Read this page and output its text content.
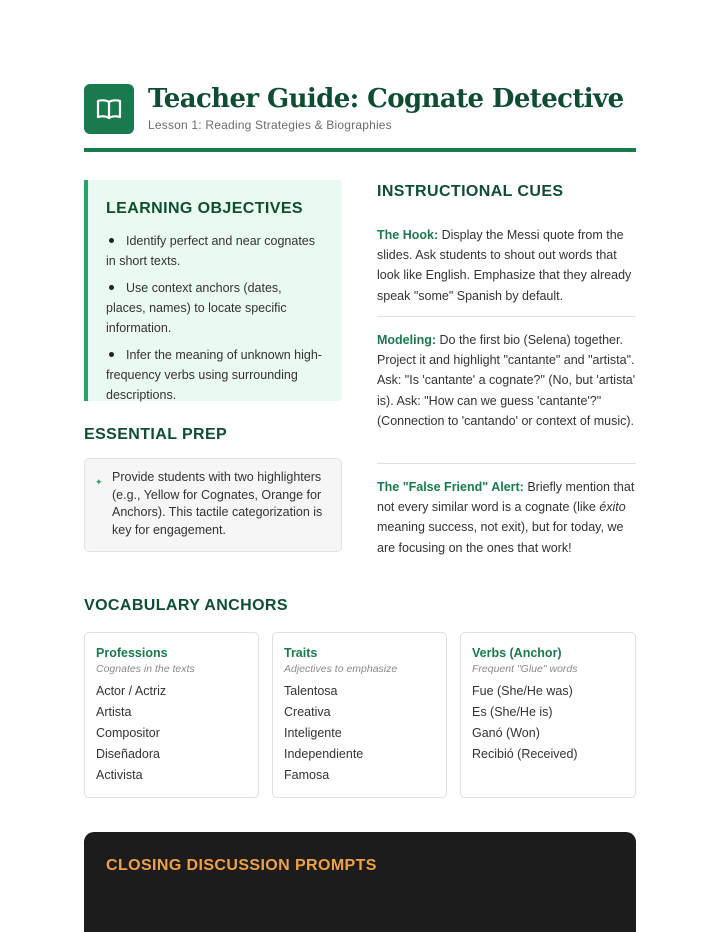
Teacher Guide: Cognate Detective
Lesson 1: Reading Strategies & Biographies
LEARNING OBJECTIVES
Identify perfect and near cognates in short texts.
Use context anchors (dates, places, names) to locate specific information.
Infer the meaning of unknown high-frequency verbs using surrounding descriptions.
ESSENTIAL PREP
✦ Provide students with two highlighters (e.g., Yellow for Cognates, Orange for Anchors). This tactile categorization is key for engagement.
INSTRUCTIONAL CUES
The Hook: Display the Messi quote from the slides. Ask students to shout out words that look like English. Emphasize that they already speak "some" Spanish by default.
Modeling: Do the first bio (Selena) together. Project it and highlight "cantante" and "artista". Ask: "Is 'cantante' a cognate?" (No, but 'artista' is). Ask: "How can we guess 'cantante'?" (Connection to 'cantando' or context of music).
The "False Friend" Alert: Briefly mention that not every similar word is a cognate (like éxito meaning success, not exit), but for today, we are focusing on the ones that work!
VOCABULARY ANCHORS
Professions
Cognates in the texts
Actor / Actriz
Artista
Compositor
Diseñadora
Activista
Traits
Adjectives to emphasize
Talentosa
Creativa
Inteligente
Independiente
Famosa
Verbs (Anchor)
Frequent "Glue" words
Fue (She/He was)
Es (She/He is)
Ganó (Won)
Recibió (Received)
CLOSING DISCUSSION PROMPTS
